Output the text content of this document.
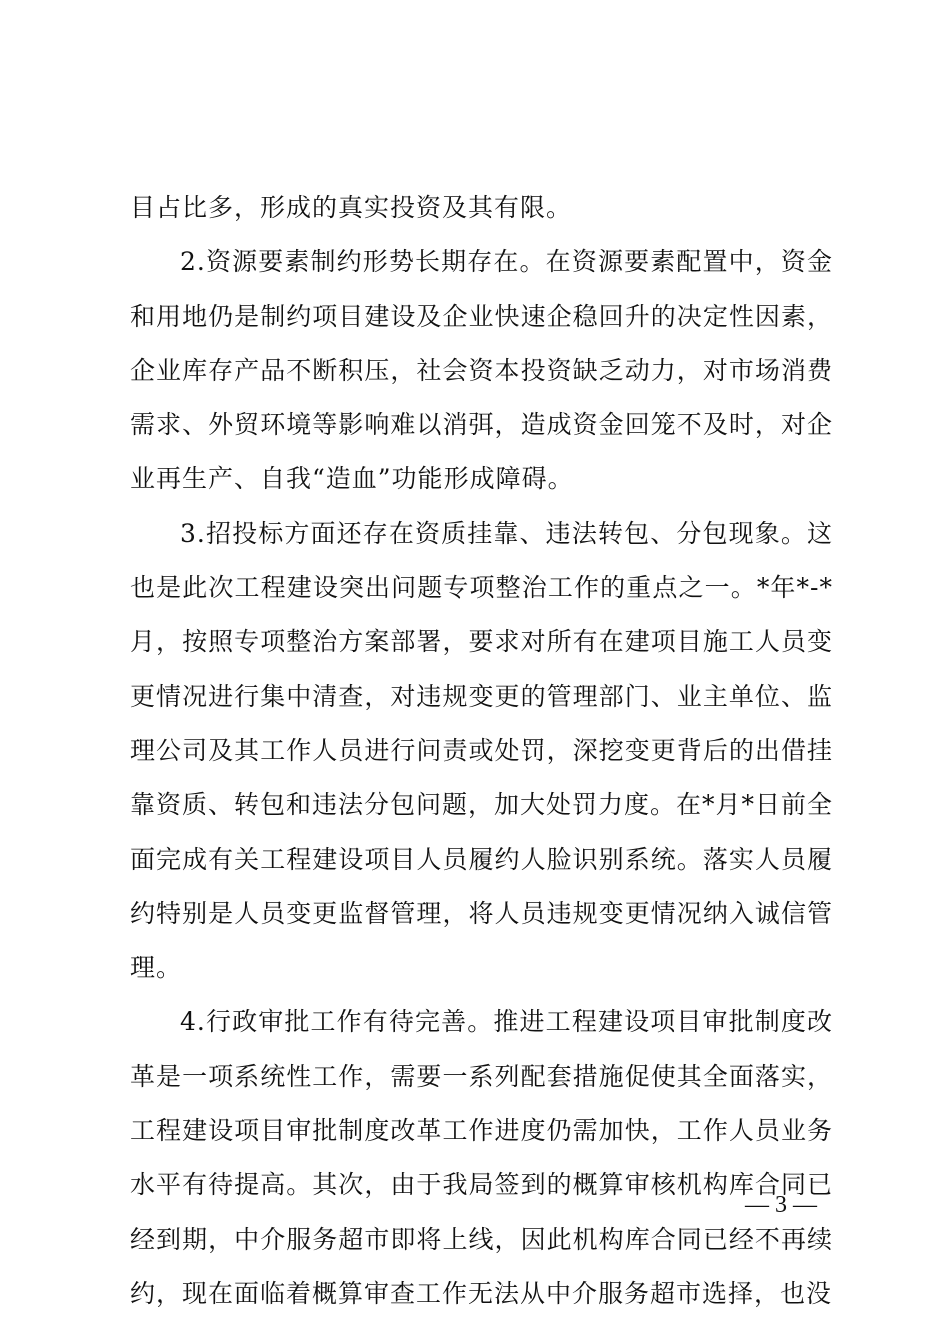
目占比多，形成的真实投资及其有限。

2.资源要素制约形势长期存在。在资源要素配置中，资金和用地仍是制约项目建设及企业快速企稳回升的决定性因素，企业库存产品不断积压，社会资本投资缺乏动力，对市场消费需求、外贸环境等影响难以消弭，造成资金回笼不及时，对企业再生产、自我“造血”功能形成障碍。

3.招投标方面还存在资质挂靠、违法转包、分包现象。这也是此次工程建设突出问题专项整治工作的重点之一。*年*-*月，按照专项整治方案部署，要求对所有在建项目施工人员变更情况进行集中清查，对违规变更的管理部门、业主单位、监理公司及其工作人员进行问责或处罚，深挖变更背后的出借挂靠资质、转包和违法分包问题，加大处罚力度。在*月*日前全面完成有关工程建设项目人员履约人脸识别系统。落实人员履约特别是人员变更监督管理，将人员违规变更情况纳入诚信管理。

4.行政审批工作有待完善。推进工程建设项目审批制度改革是一项系统性工作，需要一系列配套措施促使其全面落实，工程建设项目审批制度改革工作进度仍需加快，工作人员业务水平有待提高。其次，由于我局签到的概算审核机构库合同已经到期，中介服务超市即将上线，因此机构库合同已经不再续约，现在面临着概算审查工作无法从中介服务超市选择，也没

— 3 —
